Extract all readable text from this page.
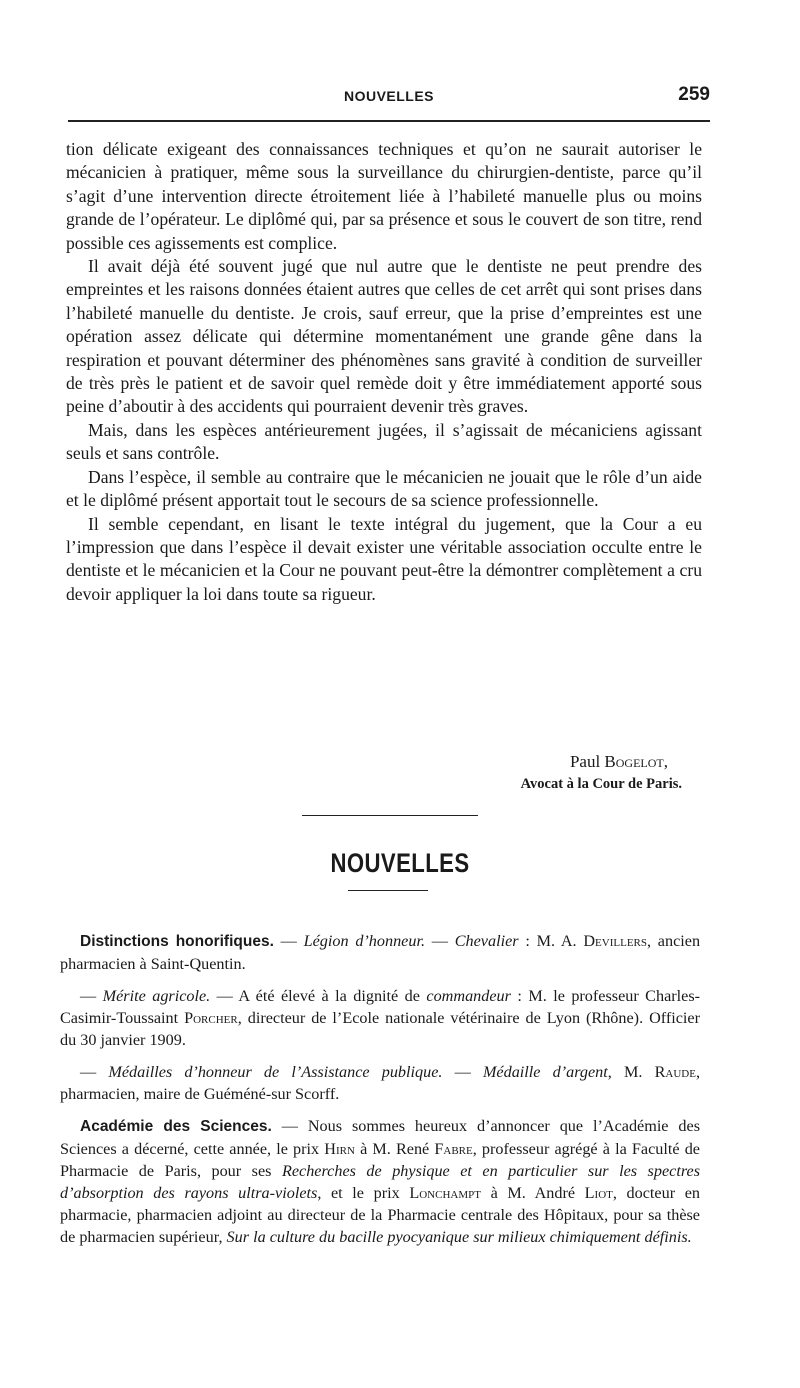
NOUVELLES	259

tion délicate exigeant des connaissances techniques et qu’on ne saurait autoriser le mécanicien à pratiquer, même sous la surveillance du chirurgien-dentiste, parce qu’il s’agit d’une intervention directe étroitement liée à l’habileté manuelle plus ou moins grande de l’opérateur. Le diplômé qui, par sa présence et sous le couvert de son titre, rend possible ces agissements est complice.

Il avait déjà été souvent jugé que nul autre que le dentiste ne peut prendre des empreintes et les raisons données étaient autres que celles de cet arrêt qui sont prises dans l’habileté manuelle du dentiste. Je crois, sauf erreur, que la prise d’empreintes est une opération assez délicate qui détermine momentanément une grande gêne dans la respiration et pouvant déterminer des phénomènes sans gravité à condition de surveiller de très près le patient et de savoir quel remède doit y être immédiatement apporté sous peine d’aboutir à des accidents qui pourraient devenir très graves.

Mais, dans les espèces antérieurement jugées, il s’agissait de mécaniciens agissant seuls et sans contrôle.

Dans l’espèce, il semble au contraire que le mécanicien ne jouait que le rôle d’un aide et le diplômé présent apportait tout le secours de sa science professionnelle.

Il semble cependant, en lisant le texte intégral du jugement, que la Cour a eu l’impression que dans l’espèce il devait exister une véritable association occulte entre le dentiste et le mécanicien et la Cour ne pouvant peut-être la démontrer complètement a cru devoir appliquer la loi dans toute sa rigueur.

Paul Bogelot,
Avocat à la Cour de Paris.
NOUVELLES

Distinctions honorifiques. — Légion d’honneur. — Chevalier : M. A. Devillers, ancien pharmacien à Saint-Quentin.

— Mérite agricole. — A été élevé à la dignité de commandeur : M. le professeur Charles-Casimir-Toussaint Porcher, directeur de l’Ecole nationale vétérinaire de Lyon (Rhône). Officier du 30 janvier 1909.

— Médailles d’honneur de l’Assistance publique. — Médaille d’argent, M. Raude, pharmacien, maire de Guéméné-sur Scorff.

Académie des Sciences. — Nous sommes heureux d’annoncer que l’Académie des Sciences a décerné, cette année, le prix Hirn à M. René Fabre, professeur agrégé à la Faculté de Pharmacie de Paris, pour ses Recherches de physique et en particulier sur les spectres d’absorption des rayons ultra-violets, et le prix Lonchampt à M. André Liot, docteur en pharmacie, pharmacien adjoint au directeur de la Pharmacie centrale des Hôpitaux, pour sa thèse de pharmacien supérieur, Sur la culture du bacille pyocyanique sur milieux chimiquement définis.
